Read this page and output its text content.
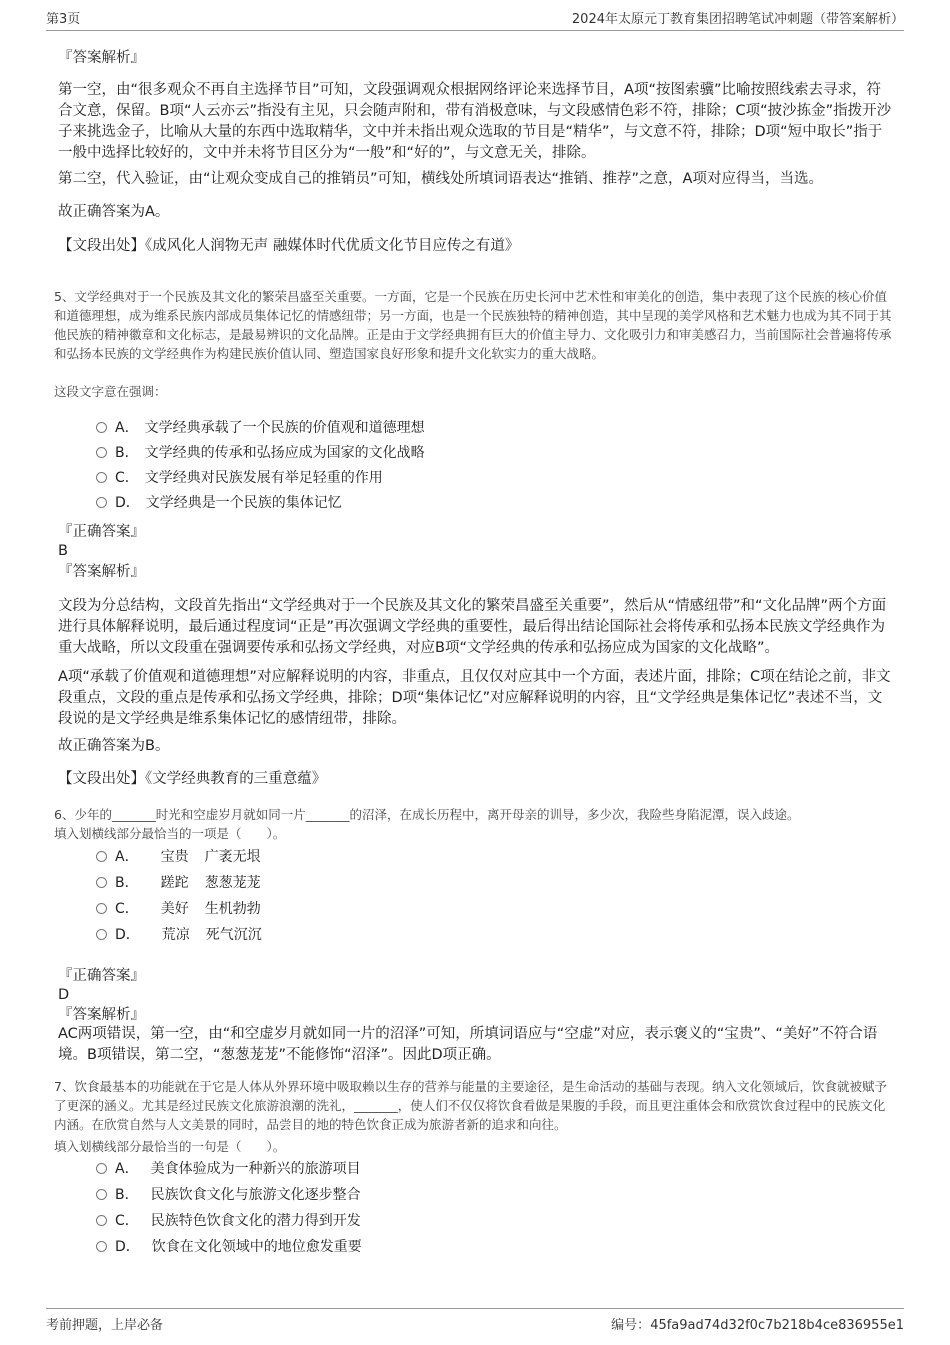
第3页	2024年太原元丁教育集团招聘笔试冲刺题（带答案解析）
『答案解析』
第一空，由“很多观众不再自主选择节目”可知，文段强调观众根据网络评论来选择节目，A项“按图索骥”比喻按照线索去寻求，符合文意，保留。B项“人云亦云”指没有主见，只会随声附和，带有消极意味，与文段感情色彩不符，排除；C项“披沙拣金”指拨开沙子来挑选金子，比喻从大量的东西中选取精华，文中并未指出观众选取的节目是“精华”，与文意不符，排除；D项“短中取长”指于一般中选择比较好的，文中并未将节目区分为“一般”和“好的”，与文意无关，排除。
第二空，代入验证，由“让观众变成自己的推销员”可知，横线处所填词语表达“推销、推荐”之意，A项对应得当，当选。
故正确答案为A。
【文段出处】《成风化人润物无声 融媒体时代优质文化节目应传之有道》
5、文学经典对于一个民族及其文化的繁荣昌盛至关重要。一方面，它是一个民族在历史长河中艺术性和审美化的创造，集中表现了这个民族的核心价值和道德理想，成为维系民族内部成员集体记忆的情感纽带；另一方面，也是一个民族独特的精神创造，其中呈现的美学风格和艺术魅力也成为其不同于其他民族的精神徽章和文化标志，是最易辨识的文化品牌。正是由于文学经典拥有巨大的价值主导力、文化吸引力和审美感召力，当前国际社会普遍将传承和弘扬本民族的文学经典作为构建民族价值认同、塑造国家良好形象和提升文化软实力的重大战略。
这段文字意在强调：
A． 文学经典承载了一个民族的价值观和道德理想
B． 文学经典的传承和弘扬应成为国家的文化战略
C． 文学经典对民族发展有举足轻重的作用
D． 文学经典是一个民族的集体记忆
『正确答案』
B
『答案解析』
文段为分总结构，文段首先指出“文学经典对于一个民族及其文化的繁荣昌盛至关重要”，然后从“情感纽带”和“文化品牌”两个方面进行具体解释说明，最后通过程度词“正是”再次强调文学经典的重要性，最后得出结论国际社会将传承和弘扬本民族文学经典作为重大战略，所以文段重在强调要传承和弘扬文学经典，对应B项“文学经典的传承和弘扬应成为国家的文化战略”。
A项“承载了价值观和道德理想”对应解释说明的内容，非重点，且仅仅对应其中一个方面，表述片面，排除；C项在结论之前，非文段重点，文段的重点是传承和弘扬文学经典，排除；D项“集体记忆”对应解释说明的内容，且“文学经典是集体记忆”表述不当，文段说的是文学经典是维系集体记忆的感情纽带，排除。
故正确答案为B。
【文段出处】《文学经典教育的三重意蕴》
6、少年的_______时光和空虚岁月就如同一片_______的沼泽，在成长历程中，离开母亲的训导，多少次，我险些身陷泥潭，误入歧途。
填入划横线部分最恰当的一项是（　　）。
A． 宝贵 广袤无垠
B． 蹉跎 葱葱茏茏
C． 美好 生机勃勃
D． 荒凉 死气沉沉
『正确答案』
D
『答案解析』
AC两项错误，第一空，由“和空虚岁月就如同一片的沼泽”可知，所填词语应与“空虚”对应，表示褒义的“宝贵”、“美好”不符合语境。B项错误，第二空，“葱葱茏茏”不能修饰“沼泽”。因此D项正确。
7、饮食最基本的功能就在于它是人体从外界环境中吸取赖以生存的营养与能量的主要途径，是生命活动的基础与表现。纳入文化领域后，饮食就被赋予了更深的涵义。尤其是经过民族文化旅游浪潮的洗礼，_______，使人们不仅仅将饮食看做是果腹的手段，而且更注重体会和欣赏饮食过程中的民族文化内涵。在欣赏自然与人文美景的同时，品尝目的地的特色饮食正成为旅游者新的追求和向往。
填入划横线部分最恰当的一句是（　　）。
A． 美食体验成为一种新兴的旅游项目
B． 民族饮食文化与旅游文化逐步整合
C． 民族特色饮食文化的潜力得到开发
D． 饮食在文化领域中的地位愈发重要
考前押题，上岸必备	编号：45fa9ad74d32f0c7b218b4ce836955e1
